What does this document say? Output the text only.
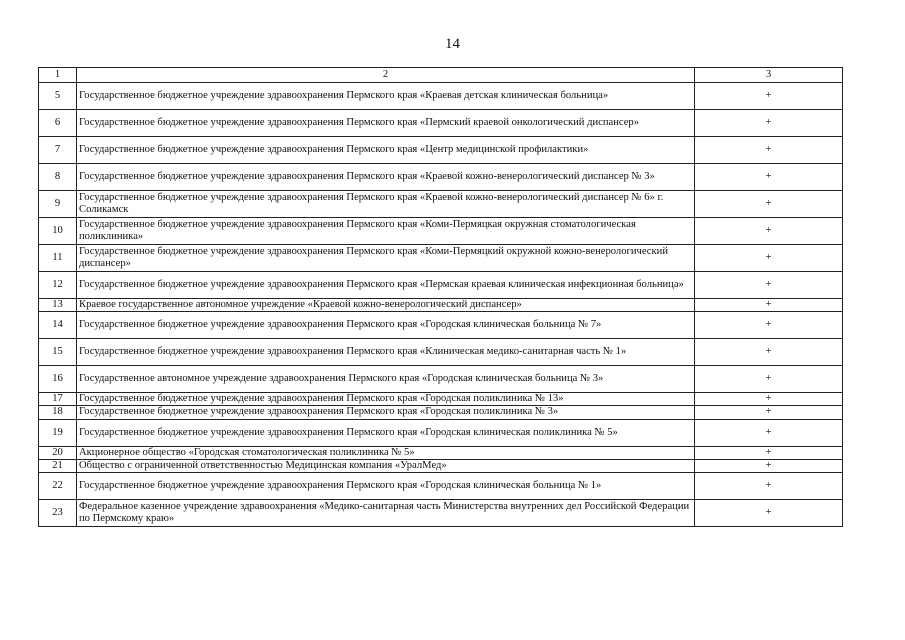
14
1	2	3
5	Государственное бюджетное учреждение здравоохранения Пермского края «Краевая детская клиническая больница»	+
6	Государственное бюджетное учреждение здравоохранения Пермского края «Пермский краевой онкологический диспансер»	+
7	Государственное бюджетное учреждение здравоохранения Пермского края «Центр медицинской профилактики»	+
8	Государственное бюджетное учреждение здравоохранения Пермского края «Краевой кожно-венерологический диспансер № 3»	+
9	Государственное бюджетное учреждение здравоохранения Пермского края «Краевой кожно-венерологический диспансер № 6» г. Соликамск	+
10	Государственное бюджетное учреждение здравоохранения Пермского края «Коми-Пермяцкая окружная стоматологическая поликлиника»	+
11	Государственное бюджетное учреждение здравоохранения Пермского края «Коми-Пермяцкий окружной кожно-венерологический диспансер»	+
12	Государственное бюджетное учреждение здравоохранения Пермского края «Пермская краевая клиническая инфекционная больница»	+
13	Краевое государственное автономное учреждение «Краевой кожно-венерологический диспансер»	+
14	Государственное бюджетное учреждение здравоохранения Пермского края «Городская клиническая больница № 7»	+
15	Государственное бюджетное учреждение здравоохранения Пермского края «Клиническая медико-санитарная часть № 1»	+
16	Государственное автономное учреждение здравоохранения Пермского края «Городская клиническая больница № 3»	+
17	Государственное бюджетное учреждение здравоохранения Пермского края «Городская поликлиника № 13»	+
18	Государственное бюджетное учреждение здравоохранения Пермского края «Городская поликлиника № 3»	+
19	Государственное бюджетное учреждение здравоохранения Пермского края «Городская клиническая поликлиника № 5»	+
20	Акционерное общество «Городская стоматологическая поликлиника № 5»	+
21	Общество с ограниченной ответственностью Медицинская компания «УралМед»	+
22	Государственное бюджетное учреждение здравоохранения Пермского края «Городская клиническая больница № 1»	+
23	Федеральное казенное учреждение здравоохранения «Медико-санитарная часть Министерства внутренних дел Российской Федерации по Пермскому краю»	+
